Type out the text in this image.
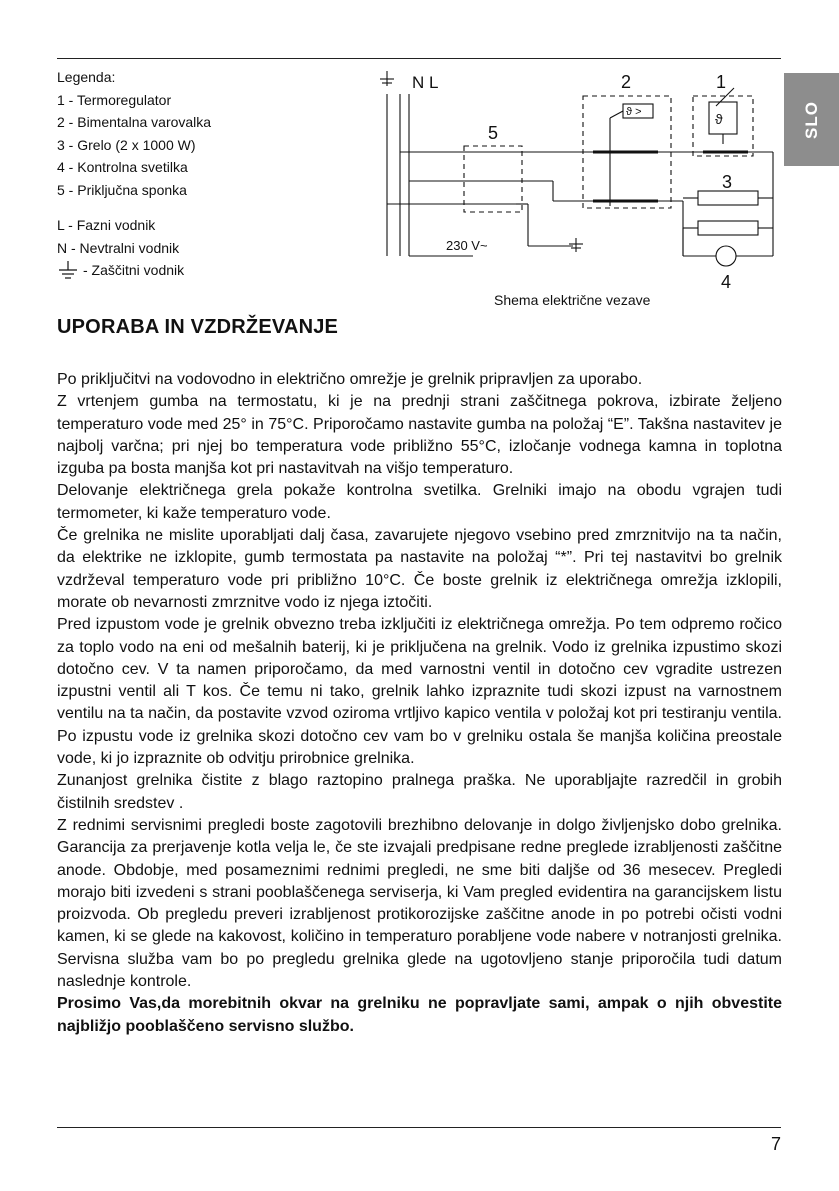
SLO
Legenda:
1 - Termoregulator
2 - Bimentalna varovalka
3 - Grelo (2 x 1000 W)
4 - Kontrolna svetilka
5 - Priključna sponka
L - Fazni vodnik
N - Nevtralni vodnik
- Zaščitni vodnik
N L
5
2	1
3
4
230 V~
ϑ >	ϑ
Shema električne vezave
UPORABA IN VZDRŽEVANJE

Po priključitvi na vodovodno in električno omrežje je grelnik pripravljen za uporabo.

Z vrtenjem gumba na termostatu, ki je na prednji strani zaščitnega pokrova, izbirate željeno temperaturo vode med 25° in 75°C. Priporočamo nastavite gumba na položaj “E”. Takšna nastavitev je najbolj varčna; pri njej bo temperatura vode približno 55°C, izločanje vodnega kamna in toplotna izguba pa bosta manjša kot pri nastavitvah na višjo temperaturo.

Delovanje električnega grela pokaže kontrolna svetilka. Grelniki imajo na obodu vgrajen tudi termometer, ki kaže temperaturo vode.

Če grelnika ne mislite uporabljati dalj časa, zavarujete njegovo vsebino pred zmrznitvijo na ta način, da elektrike ne izklopite, gumb termostata pa nastavite na položaj “*”. Pri tej nastavitvi bo grelnik vzdrževal temperaturo vode pri približno 10°C. Če boste grelnik iz električnega omrežja izklopili, morate ob nevarnosti zmrznitve vodo iz njega iztočiti.

Pred izpustom vode je grelnik obvezno treba izključiti iz električnega omrežja. Po tem odpremo ročico za toplo vodo na eni od mešalnih baterij, ki je priključena na grelnik. Vodo iz grelnika izpustimo skozi dotočno cev. V ta namen priporočamo, da med varnostni ventil in dotočno cev vgradite ustrezen izpustni ventil ali T kos. Če temu ni tako, grelnik lahko izpraznite tudi skozi izpust na varnostnem ventilu na ta način, da postavite vzvod oziroma vrtljivo kapico ventila v položaj kot pri testiranju ventila. Po izpustu vode iz grelnika skozi dotočno cev vam bo v grelniku ostala še manjša količina preostale vode, ki jo izpraznite ob odvitju prirobnice grelnika.

Zunanjost grelnika čistite z blago raztopino pralnega praška. Ne uporabljajte razredčil in grobih čistilnih sredstev .

Z rednimi servisnimi pregledi boste zagotovili brezhibno delovanje in dolgo življenjsko dobo grelnika. Garancija za prerjavenje kotla velja le, če ste izvajali predpisane redne preglede izrabljenosti zaščitne anode. Obdobje, med posameznimi rednimi pregledi, ne sme biti daljše od 36 mesecev. Pregledi morajo biti izvedeni s strani pooblaščenega serviserja, ki Vam pregled evidentira na garancijskem listu proizvoda. Ob pregledu preveri izrabljenost protikorozijske zaščitne anode in po potrebi očisti vodni kamen, ki se glede na kakovost, količino in temperaturo porabljene vode nabere v notranjosti grelnika. Servisna služba vam bo po pregledu grelnika glede na ugotovljeno stanje priporočila tudi datum naslednje kontrole.

Prosimo Vas,da morebitnih okvar na grelniku ne popravljate sami, ampak o njih obvestite najbližjo pooblaščeno servisno službo.

7
